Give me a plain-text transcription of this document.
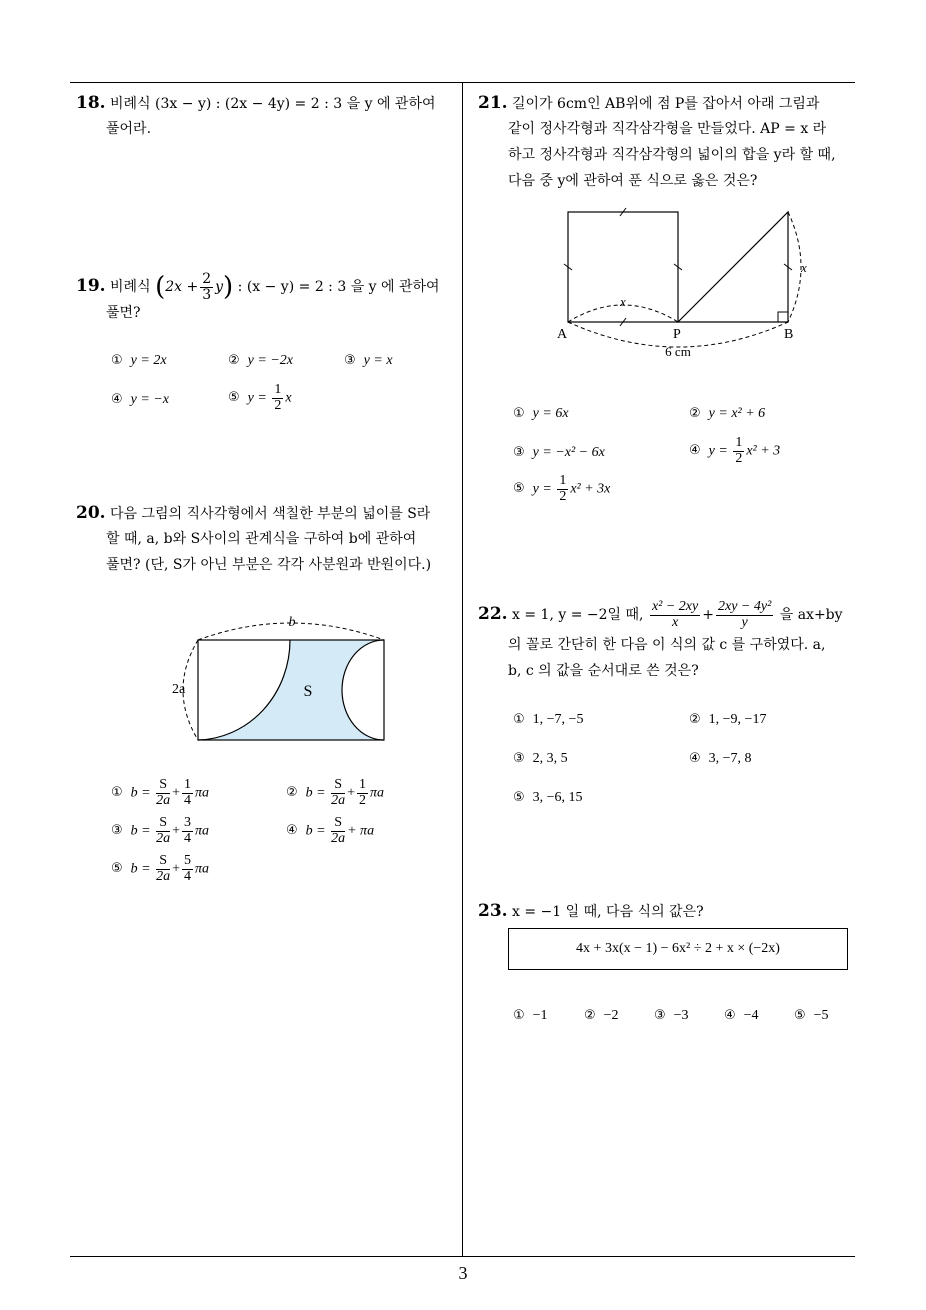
18. 비례식 (3x − y) : (2x − 4y) = 2 : 3 을 y 에 관하여
풀어라.
19. 비례식 $(2x + \frac{2}{3} y)$ : (x − y) = 2 : 3 을 y 에 관하여
풀면?
① y = 2x	② y = −2x	③ y = x
④ y = −x	⑤ $y = \frac{1}{2}$ x
20. 다음 그림의 직사각형에서 색칠한 부분의 넓이를 S라
할 때, a, b와 S사이의 관계식을 구하여 b에 관하여
풀면? (단, S가 아닌 부분은 각각 사분원과 반원이다.)
b
2a	S
① $b = \frac{S}{2a} + \frac{1}{4}$ πa	② $b = \frac{S}{2a} + \frac{1}{2}$ πa
③ $b = \frac{S}{2a} + \frac{3}{4}$ πa	④ $b = \frac{S}{2a} + \pi a$
⑤ $b = \frac{S}{2a} + \frac{5}{4}$ πa
21. 길이가 6cm인 AB위에 점 P를 잡아서 아래 그림과
같이 정사각형과 직각삼각형을 만들었다. AP = x 라
하고 정사각형과 직각삼각형의 넓이의 합을 y라 할 때,
다음 중 y에 관하여 푼 식으로 옳은 것은?
A	P	B
x
x
6 cm
① y = 6x	② y = x² + 6
③ y = −x² − 6x	④ $y = \frac{1}{2} x^2 + 3$
⑤ $y = \frac{1}{2} x^2 + 3x$
22. x = 1, y = −2일 때, $\frac{\text{x² − 2xy}}{x} + \frac{\text{2xy − 4y²}}{y}$ 을 ax+by
의 꼴로 간단히 한 다음 이 식의 값 c 를 구하였다. a,
b, c 의 값을 순서대로 쓴 것은?
① 1, −7, −5	② 1, −9, −17
③ 2, 3, 5	④ 3, −7, 8
⑤ 3, −6, 15
23. x = −1 일 때, 다음 식의 값은?
4x + 3x(x − 1) − 6x² ÷ 2 + x × (−2x)
① −1	② −2	③ −3	④ −4	⑤ −5
3
